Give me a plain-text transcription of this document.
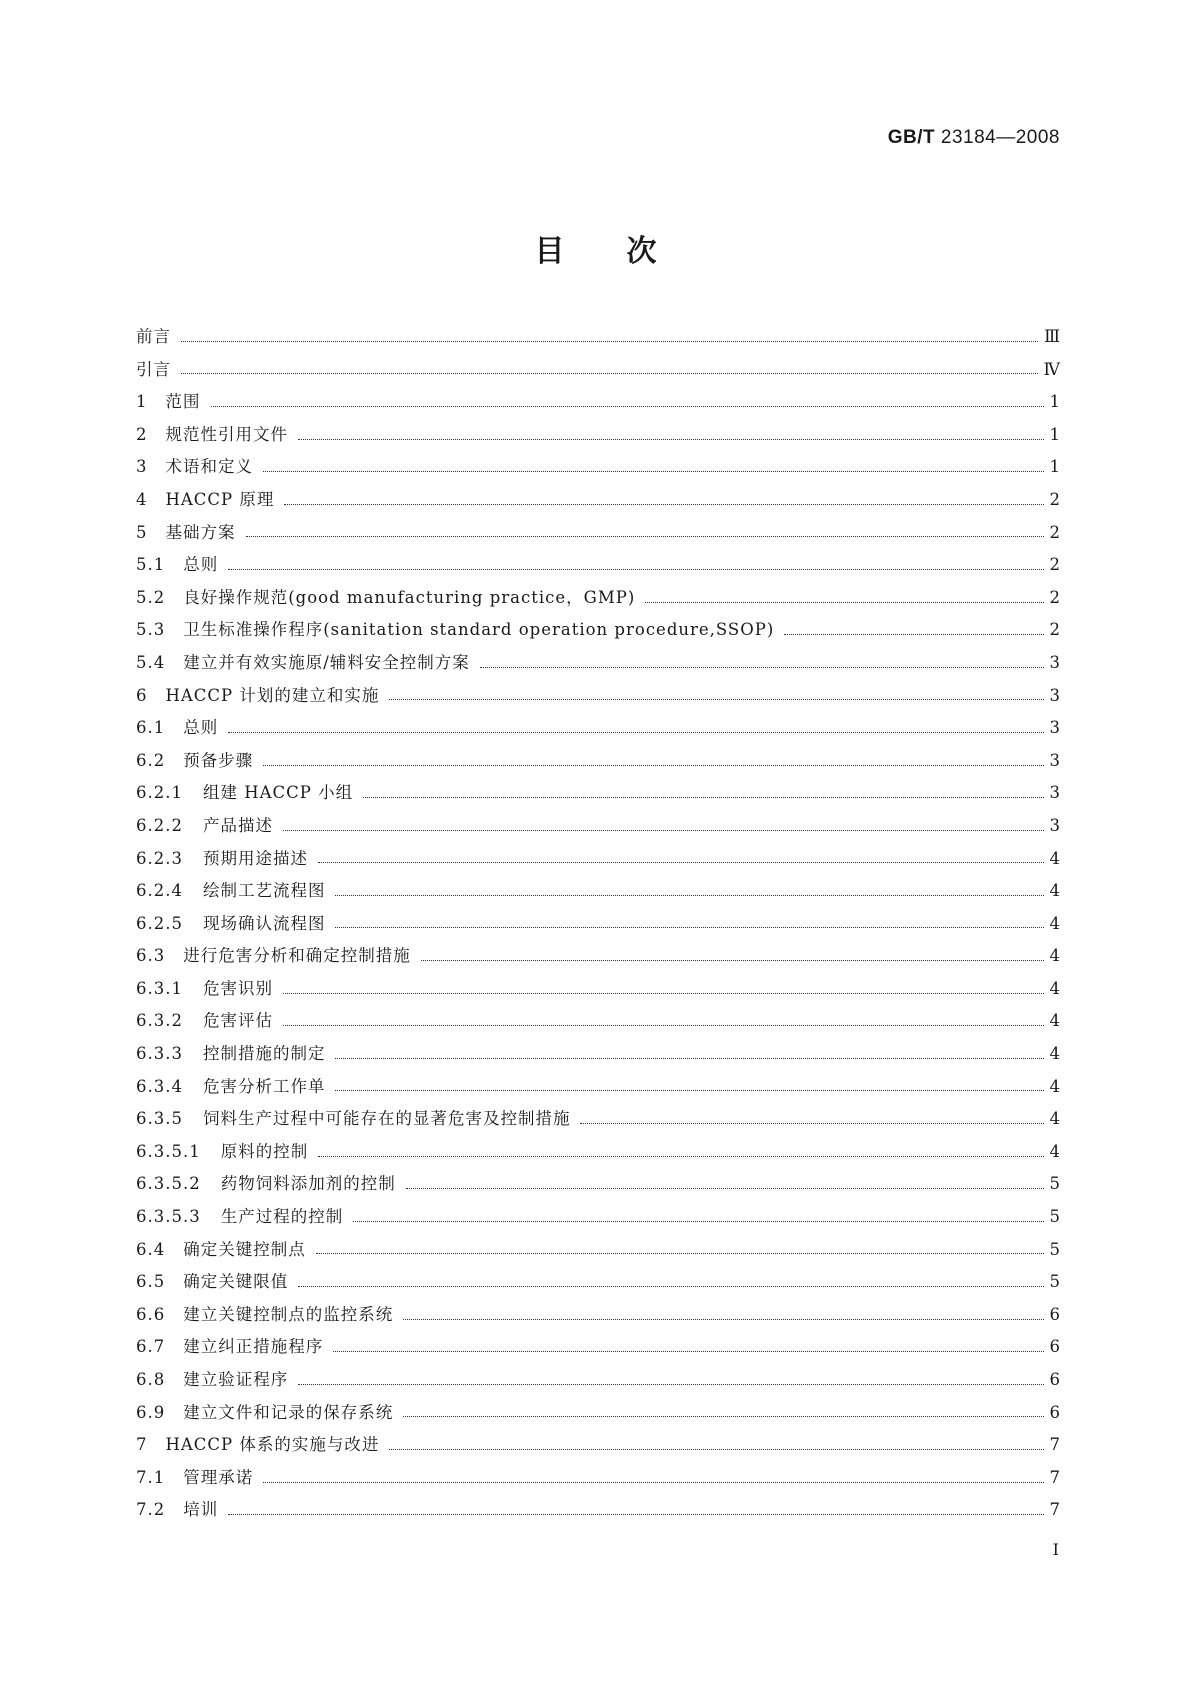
GB/T 23184—2008
目次
前言	Ⅲ
引言	Ⅳ
1 范围	1
2 规范性引用文件	1
3 术语和定义	1
4 HACCP 原理	2
5 基础方案	2
5.1 总则	2
5.2 良好操作规范(good manufacturing practice，GMP)	2
5.3 卫生标准操作程序(sanitation standard operation procedure,SSOP)	2
5.4 建立并有效实施原/辅料安全控制方案	3
6 HACCP 计划的建立和实施	3
6.1 总则	3
6.2 预备步骤	3
6.2.1 组建 HACCP 小组	3
6.2.2 产品描述	3
6.2.3 预期用途描述	4
6.2.4 绘制工艺流程图	4
6.2.5 现场确认流程图	4
6.3 进行危害分析和确定控制措施	4
6.3.1 危害识别	4
6.3.2 危害评估	4
6.3.3 控制措施的制定	4
6.3.4 危害分析工作单	4
6.3.5 饲料生产过程中可能存在的显著危害及控制措施	4
6.3.5.1 原料的控制	4
6.3.5.2 药物饲料添加剂的控制	5
6.3.5.3 生产过程的控制	5
6.4 确定关键控制点	5
6.5 确定关键限值	5
6.6 建立关键控制点的监控系统	6
6.7 建立纠正措施程序	6
6.8 建立验证程序	6
6.9 建立文件和记录的保存系统	6
7 HACCP 体系的实施与改进	7
7.1 管理承诺	7
7.2 培训	7
Ⅰ
